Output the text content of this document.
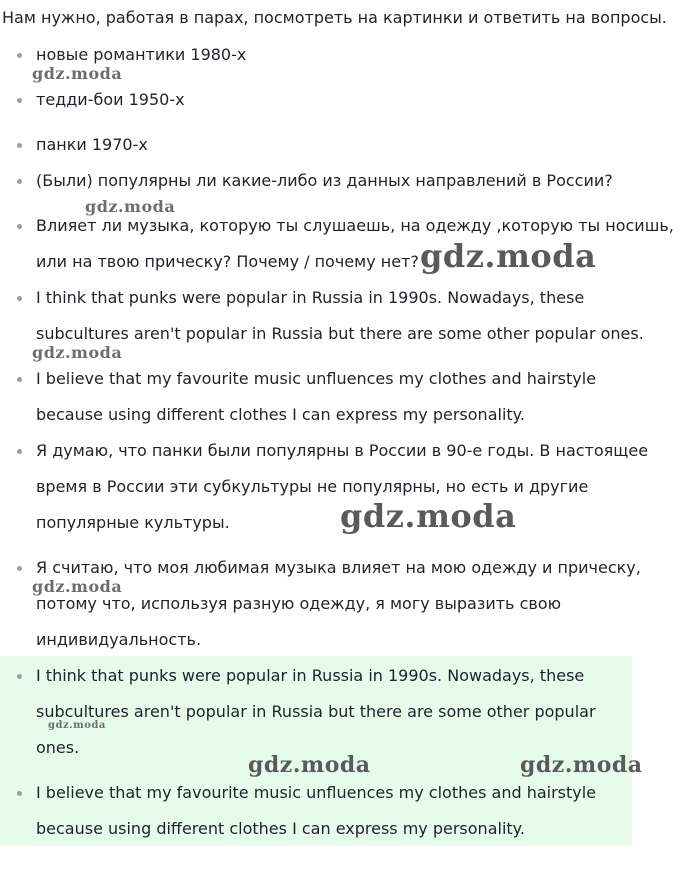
Нам нужно, работая в парах, посмотреть на картинки и ответить на вопросы.
новые романтики 1980-х
тедди-бои 1950-х
панки 1970-х
(Были) популярны ли какие-либо из данных направлений в России?
Влияет ли музыка, которую ты слушаешь, на одежду ,которую ты носишь,
или на твою прическу? Почему / почему нет?
I think that punks were popular in Russia in 1990s. Nowadays, these
subcultures aren't popular in Russia but there are some other popular ones.
I believe that my favourite music unfluences my clothes and hairstyle
because using different clothes I can express my personality.
Я думаю, что панки были популярны в России в 90-е годы. В настоящее
время в России эти субкультуры не популярны, но есть и другие
популярные культуры.
Я считаю, что моя любимая музыка влияет на мою одежду и прическу,
потому что, используя разную одежду, я могу выразить свою
индивидуальность.
I think that punks were popular in Russia in 1990s. Nowadays, these
subcultures aren't popular in Russia but there are some other popular
ones.
I believe that my favourite music unfluences my clothes and hairstyle
because using different clothes I can express my personality.
gdz.moda
gdz.moda
gdz.moda
gdz.moda
gdz.moda
gdz.moda
gdz.moda
gdz.moda	gdz.moda
